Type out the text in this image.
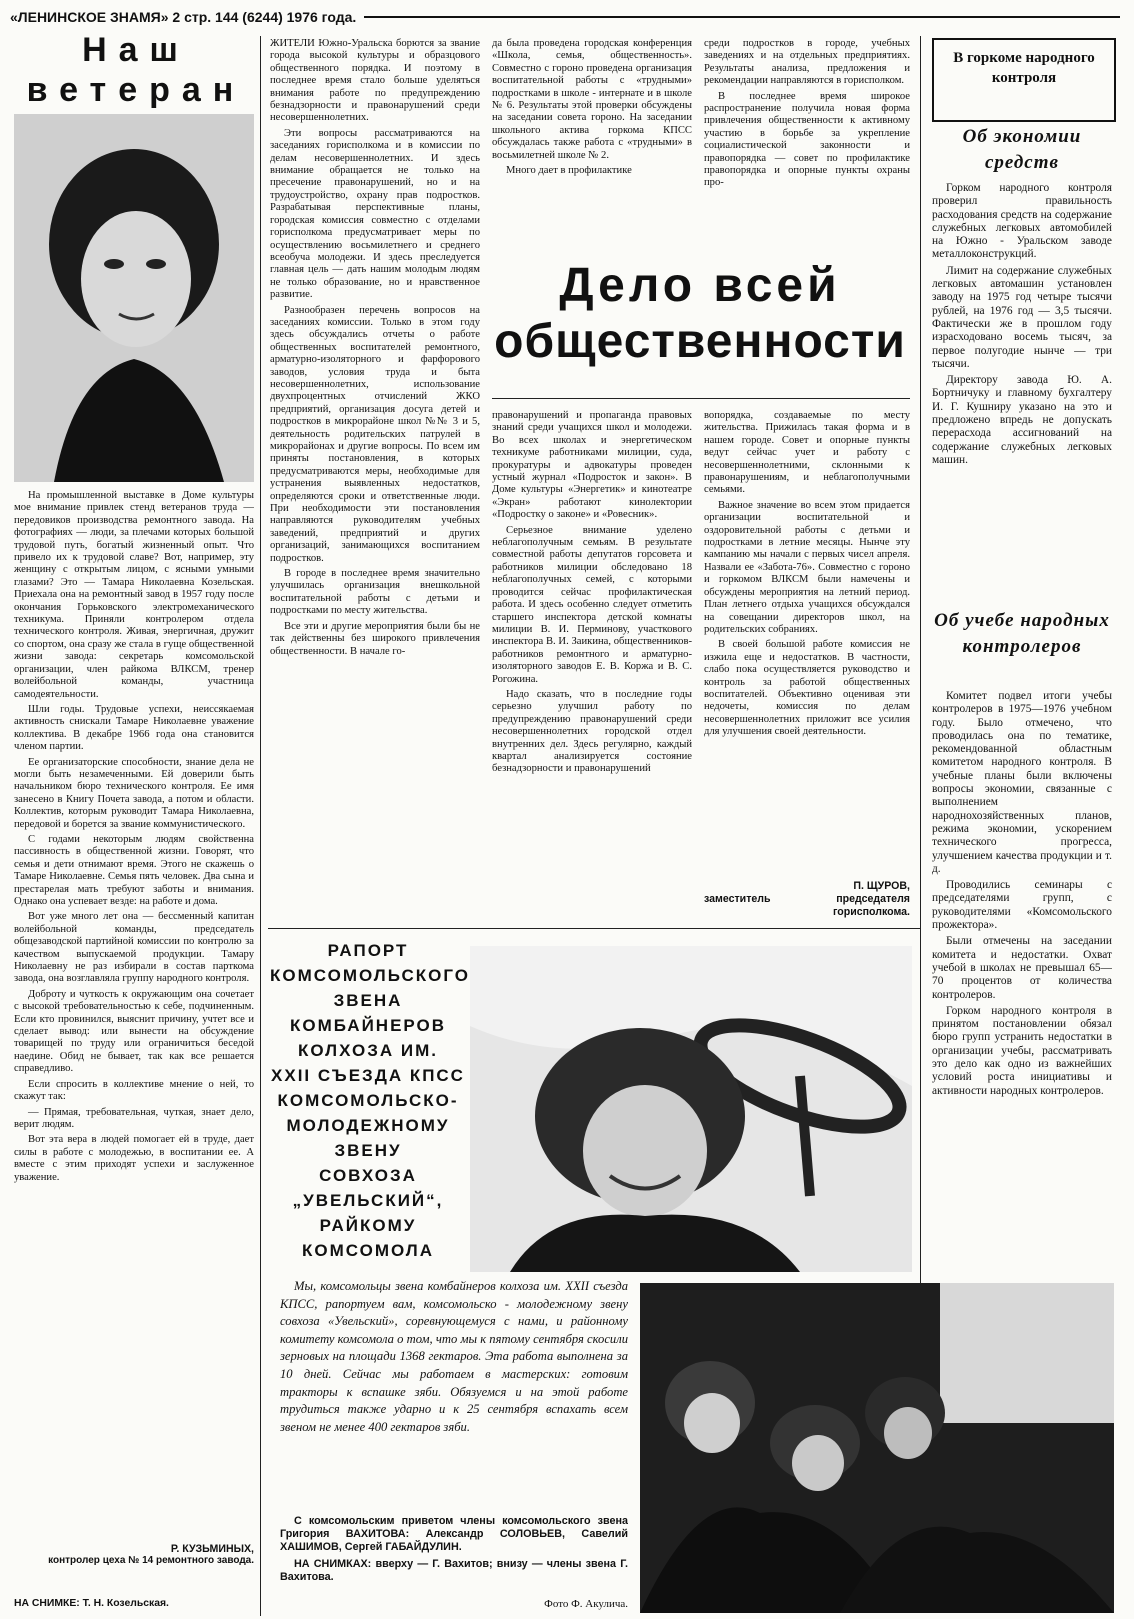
«ЛЕНИНСКОЕ ЗНАМЯ» 2 стр. 144 (6244) 1976 года.
Наш
ветеран

На промышленной выставке в Доме культуры мое внимание привлек стенд ветеранов труда — передовиков производства ремонтного завода. На фотографиях — люди, за плечами которых большой трудовой путь, богатый жизненный опыт. Что привело их к трудовой славе? Вот, например, эту женщину с открытым лицом, с ясными умными глазами? Это — Тамара Николаевна Козельская. Приехала она на ремонтный завод в 1957 году после окончания Горьковского электромеханического техникума. Приняли контролером отдела технического контроля. Живая, энергичная, дружит со спортом, она сразу же стала в гуще общественной жизни завода: секретарь комсомольской организации, член райкома ВЛКСМ, тренер волейбольной команды, участница самодеятельности.

Шли годы. Трудовые успехи, неиссякаемая активность снискали Тамаре Николаевне уважение коллектива. В декабре 1966 года она становится членом партии.

Ее организаторские способности, знание дела не могли быть незамеченными. Ей доверили быть начальником бюро технического контроля. Ее имя занесено в Книгу Почета завода, а потом и области. Коллектив, которым руководит Тамара Николаевна, передовой и борется за звание коммунистического.

С годами некоторым людям свойственна пассивность в общественной жизни. Говорят, что семья и дети отнимают время. Этого не скажешь о Тамаре Николаевне. Семья пять человек. Два сына и престарелая мать требуют заботы и внимания. Однако она успевает везде: на работе и дома.

Вот уже много лет она — бессменный капитан волейбольной команды, председатель общезаводской партийной комиссии по контролю за качеством выпускаемой продукции. Тамару Николаевну не раз избирали в состав парткома завода, она возглавляла группу народного контроля.

Доброту и чуткость к окружающим она сочетает с высокой требовательностью к себе, подчиненным. Если кто провинился, выяснит причину, учтет все и сделает вывод: или вынести на обсуждение товарищей по труду или ограничиться беседой наедине. Обид не бывает, так как все решается справедливо.

Если спросить в коллективе мнение о ней, то скажут так:

— Прямая, требовательная, чуткая, знает дело, верит людям.

Вот эта вера в людей помогает ей в труде, дает силы в работе с молодежью, в воспитании ее. А вместе с этим приходят успехи и заслуженное уважение.

Р. КУЗЬМИНЫХ,
контролер цеха № 14 ремонтного завода.
НА СНИМКЕ: Т. Н. Козельская.

ЖИТЕЛИ Южно-Уральска борются за звание города высокой культуры и образцового общественного порядка. И поэтому в последнее время стало больше уделяться внимания работе по предупреждению безнадзорности и правонарушений среди несовершеннолетних.

Эти вопросы рассматриваются на заседаниях горисполкома и в комиссии по делам несовершеннолетних. И здесь внимание обращается не только на пресечение правонарушений, но и на трудоустройство, охрану прав подростков. Разрабатывая перспективные планы, городская комиссия совместно с отделами горисполкома предусматривает меры по осуществлению восьмилетнего и среднего всеобуча молодежи. И здесь преследуется главная цель — дать нашим молодым людям не только образование, но и нравственное развитие.

Разнообразен перечень вопросов на заседаниях комиссии. Только в этом году здесь обсуждались отчеты о работе общественных воспитателей ремонтного, арматурно-изоляторного и фарфорового заводов, условия труда и быта несовершеннолетних, использование двухпроцентных отчислений ЖКО предприятий, организация досуга детей и подростков в микрорайоне школ №№ 3 и 5, деятельность родительских патрулей в микрорайонах и другие вопросы. По всем им приняты постановления, в которых предусматриваются меры, необходимые для устранения выявленных недостатков, определяются сроки и ответственные люди. При необходимости эти постановления направляются руководителям учебных заведений, предприятий и других организаций, занимающихся воспитанием подростков.

В городе в последнее время значительно улучшилась организация внешкольной воспитательной работы с детьми и подростками по месту жительства.

Все эти и другие мероприятия были бы не так действенны без широкого привлечения общественности. В начале го-

да была проведена городская конференция «Школа, семья, общественность». Совместно с гороно проведена организация воспитательной работы с «трудными» подростками в школе - интернате и в школе № 6. Результаты этой проверки обсуждены на заседании совета гороно. На заседании школьного актива горкома КПСС обсуждалась также работа с «трудными» в восьмилетней школе № 2.

Много дает в профилактике

среди подростков в городе, учебных заведениях и на отдельных предприятиях. Результаты анализа, предложения и рекомендации направляются в горисполком.

В последнее время широкое распространение получила новая форма привлечения общественности к активному участию в борьбе за укрепление социалистической законности и правопорядка — совет по профилактике правопорядка и опорные пункты охраны про-

Дело всей
общественности

правонарушений и пропаганда правовых знаний среди учащихся школ и молодежи. Во всех школах и энергетическом техникуме работниками милиции, суда, прокуратуры и адвокатуры проведен устный журнал «Подросток и закон». В Доме культуры «Энергетик» и кинотеатре «Экран» работают кинолектории «Подростку о законе» и «Ровесник».

Серьезное внимание уделено неблагополучным семьям. В результате совместной работы депутатов горсовета и работников милиции обследовано 18 неблагополучных семей, с которыми проводится сейчас профилактическая работа. И здесь особенно следует отметить старшего инспектора детской комнаты милиции В. И. Перминову, участкового инспектора В. И. Заикина, общественников-работников ремонтного и арматурно-изоляторного заводов Е. В. Коржа и В. С. Рогожина.

Надо сказать, что в последние годы серьезно улучшил работу по предупреждению правонарушений среди несовершеннолетних городской отдел внутренних дел. Здесь регулярно, каждый квартал анализируется состояние безнадзорности и правонарушений

вопорядка, создаваемые по месту жительства. Прижилась такая форма и в нашем городе. Совет и опорные пункты ведут сейчас учет и работу с несовершеннолетними, склонными к правонарушениям, и неблагополучными семьями.

Важное значение во всем этом придается организации воспитательной и оздоровительной работы с детьми и подростками в летние месяцы. Нынче эту кампанию мы начали с первых чисел апреля. Назвали ее «Забота-76». Совместно с гороно и горкомом ВЛКСМ были намечены и обсуждены мероприятия на летний период. План летнего отдыха учащихся обсуждался на совещании директоров школ, на родительских собраниях.

В своей большой работе комиссия не изжила еще и недостатков. В частности, слабо пока осуществляется руководство и контроль за работой общественных воспитателей. Объективно оценивая эти недочеты, комиссия по делам несовершеннолетних приложит все усилия для улучшения своей деятельности.

П. ЩУРОВ,
заместитель	председателя горисполкома.
В горкоме народного контроля
Об экономии средств

Горком народного контроля проверил правильность расходования средств на содержание служебных легковых автомобилей на Южно - Уральском заводе металлоконструкций.

Лимит на содержание служебных легковых автомашин установлен заводу на 1975 год четыре тысячи рублей, на 1976 год — 3,5 тысячи. Фактически же в прошлом году израсходовано восемь тысяч, за первое полугодие нынче — три тысячи.

Директору завода Ю. А. Бортничуку и главному бухгалтеру И. Г. Кушниру указано на это и предложено впредь не допускать перерасхода ассигнований на содержание служебных легковых машин.

Об учебе народных контролеров

Комитет подвел итоги учебы контролеров в 1975—1976 учебном году. Было отмечено, что проводилась она по тематике, рекомендованной областным комитетом народного контроля. В учебные планы были включены вопросы экономии, связанные с выполнением народнохозяйственных планов, режима экономии, ускорением технического прогресса, улучшением качества продукции и т. д.

Проводились семинары с председателями групп, с руководителями «Комсомольского прожектора».

Были отмечены на заседании комитета и недостатки. Охват учебой в школах не превышал 65—70 процентов от количества контролеров.

Горком народного контроля в принятом постановлении обязал бюро групп устранить недостатки в организации учебы, рассматривать это дело как одно из важнейших условий роста инициативы и активности народных контролеров.

РАПОРТ
КОМСОМОЛЬСКОГО
ЗВЕНА
КОМБАЙНЕРОВ
КОЛХОЗА ИМ.
XXII СЪЕЗДА КПСС
КОМСОМОЛЬСКО-
МОЛОДЕЖНОМУ
ЗВЕНУ
СОВХОЗА
„УВЕЛЬСКИЙ“,
РАЙКОМУ
КОМСОМОЛА

Мы, комсомольцы звена комбайнеров колхоза им. XXII съезда КПСС, рапортуем вам, комсомольско - молодежному звену совхоза «Увельский», соревнующемуся с нами, и районному комитету комсомола о том, что мы к пятому сентября скосили зерновых на площади 1368 гектаров. Эта работа выполнена за 10 дней. Сейчас мы работаем в мастерских: готовим тракторы к вспашке зяби. Обязуемся и на этой работе трудиться также ударно и к 25 сентября вспахать всем звеном не менее 400 гектаров зяби.

С комсомольским приветом члены комсомольского звена Григория ВАХИТОВА: Александр СОЛОВЬЕВ, Савелий ХАШИМОВ, Сергей ГАБАЙДУЛИН.

НА СНИМКАХ: вверху — Г. Вахитов; внизу — члены звена Г. Вахитова.

Фото Ф. Акулича.
